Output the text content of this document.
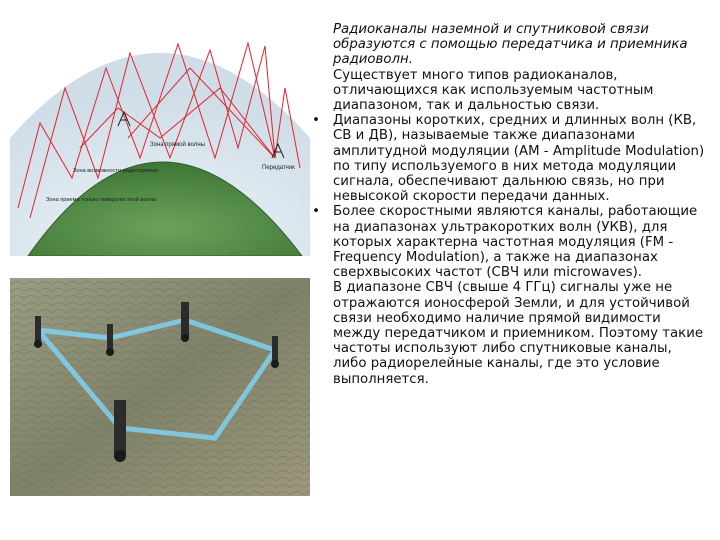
Зона прямой волны
Передатчик
Зона возможности радиоприема
Зона приема только поверхностной волны

Радиоканалы наземной и спутниковой связи образуются с помощью передатчика и приемника радиоволн.

Существует много типов радиоканалов, отличающихся как используемым частотным диапазоном, так и дальностью связи.

• Диапазоны коротких, средних и длинных волн (КВ, СВ и ДВ), называемые также диапазонами амплитудной модуляции (AM - Amplitude Modulation) по типу используемого в них метода модуляции сигнала, обеспечивают дальнюю связь, но при невысокой скорости передачи данных.

• Более скоростными являются каналы, работающие на диапазонах ультракоротких волн (УКВ), для которых характерна частотная модуляция (FM - Frequency Modulation), а также на диапазонах сверхвысоких частот (СВЧ или microwaves).

В диапазоне СВЧ (свыше 4 ГГц) сигналы уже не отражаются ионосферой Земли, и для устойчивой связи необходимо наличие прямой видимости между передатчиком и приемником. Поэтому такие частоты используют либо спутниковые каналы, либо радиорелейные каналы, где это условие выполняется.
